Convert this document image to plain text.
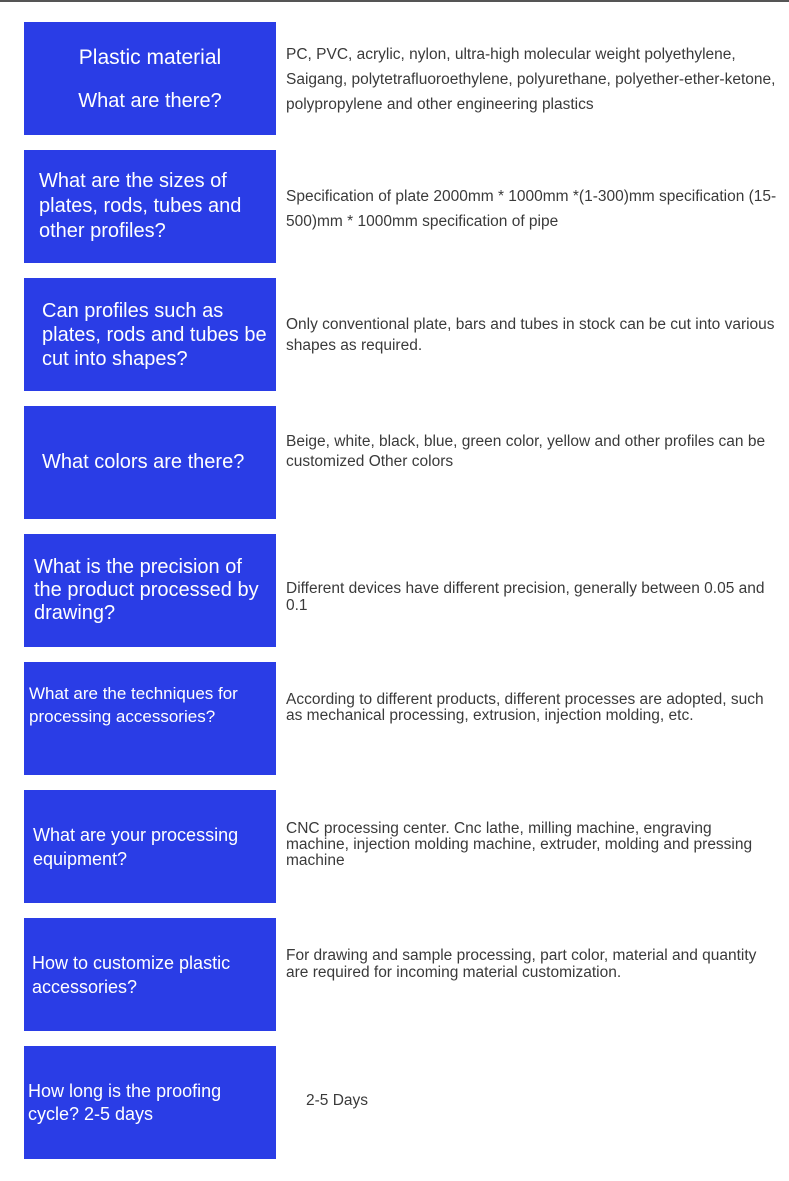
Plastic material

What are there?

PC, PVC, acrylic, nylon, ultra-high molecular weight polyethylene, Saigang, polytetrafluoroethylene, polyurethane, polyether-ether-ketone, polypropylene and other engineering plastics

What are the sizes of plates, rods, tubes and other profiles?

Specification of plate 2000mm * 1000mm *(1-300)mm specification (15-500)mm * 1000mm specification of pipe

Can profiles such as plates, rods and tubes be cut into shapes?

Only conventional plate, bars and tubes in stock can be cut into various shapes as required.

What colors are there?

Beige, white, black, blue, green color, yellow and other profiles can be customized Other colors

What is the precision of the product processed by drawing?

Different devices have different precision, generally between 0.05 and 0.1

What are the techniques for processing accessories?

According to different products, different processes are adopted, such as mechanical processing, extrusion, injection molding, etc.

What are your processing equipment?

CNC processing center. Cnc lathe, milling machine, engraving machine, injection molding machine, extruder, molding and pressing machine

How to customize plastic accessories?

For drawing and sample processing, part color, material and quantity are required for incoming material customization.

How long is the proofing cycle? 2-5 days

2-5 Days
